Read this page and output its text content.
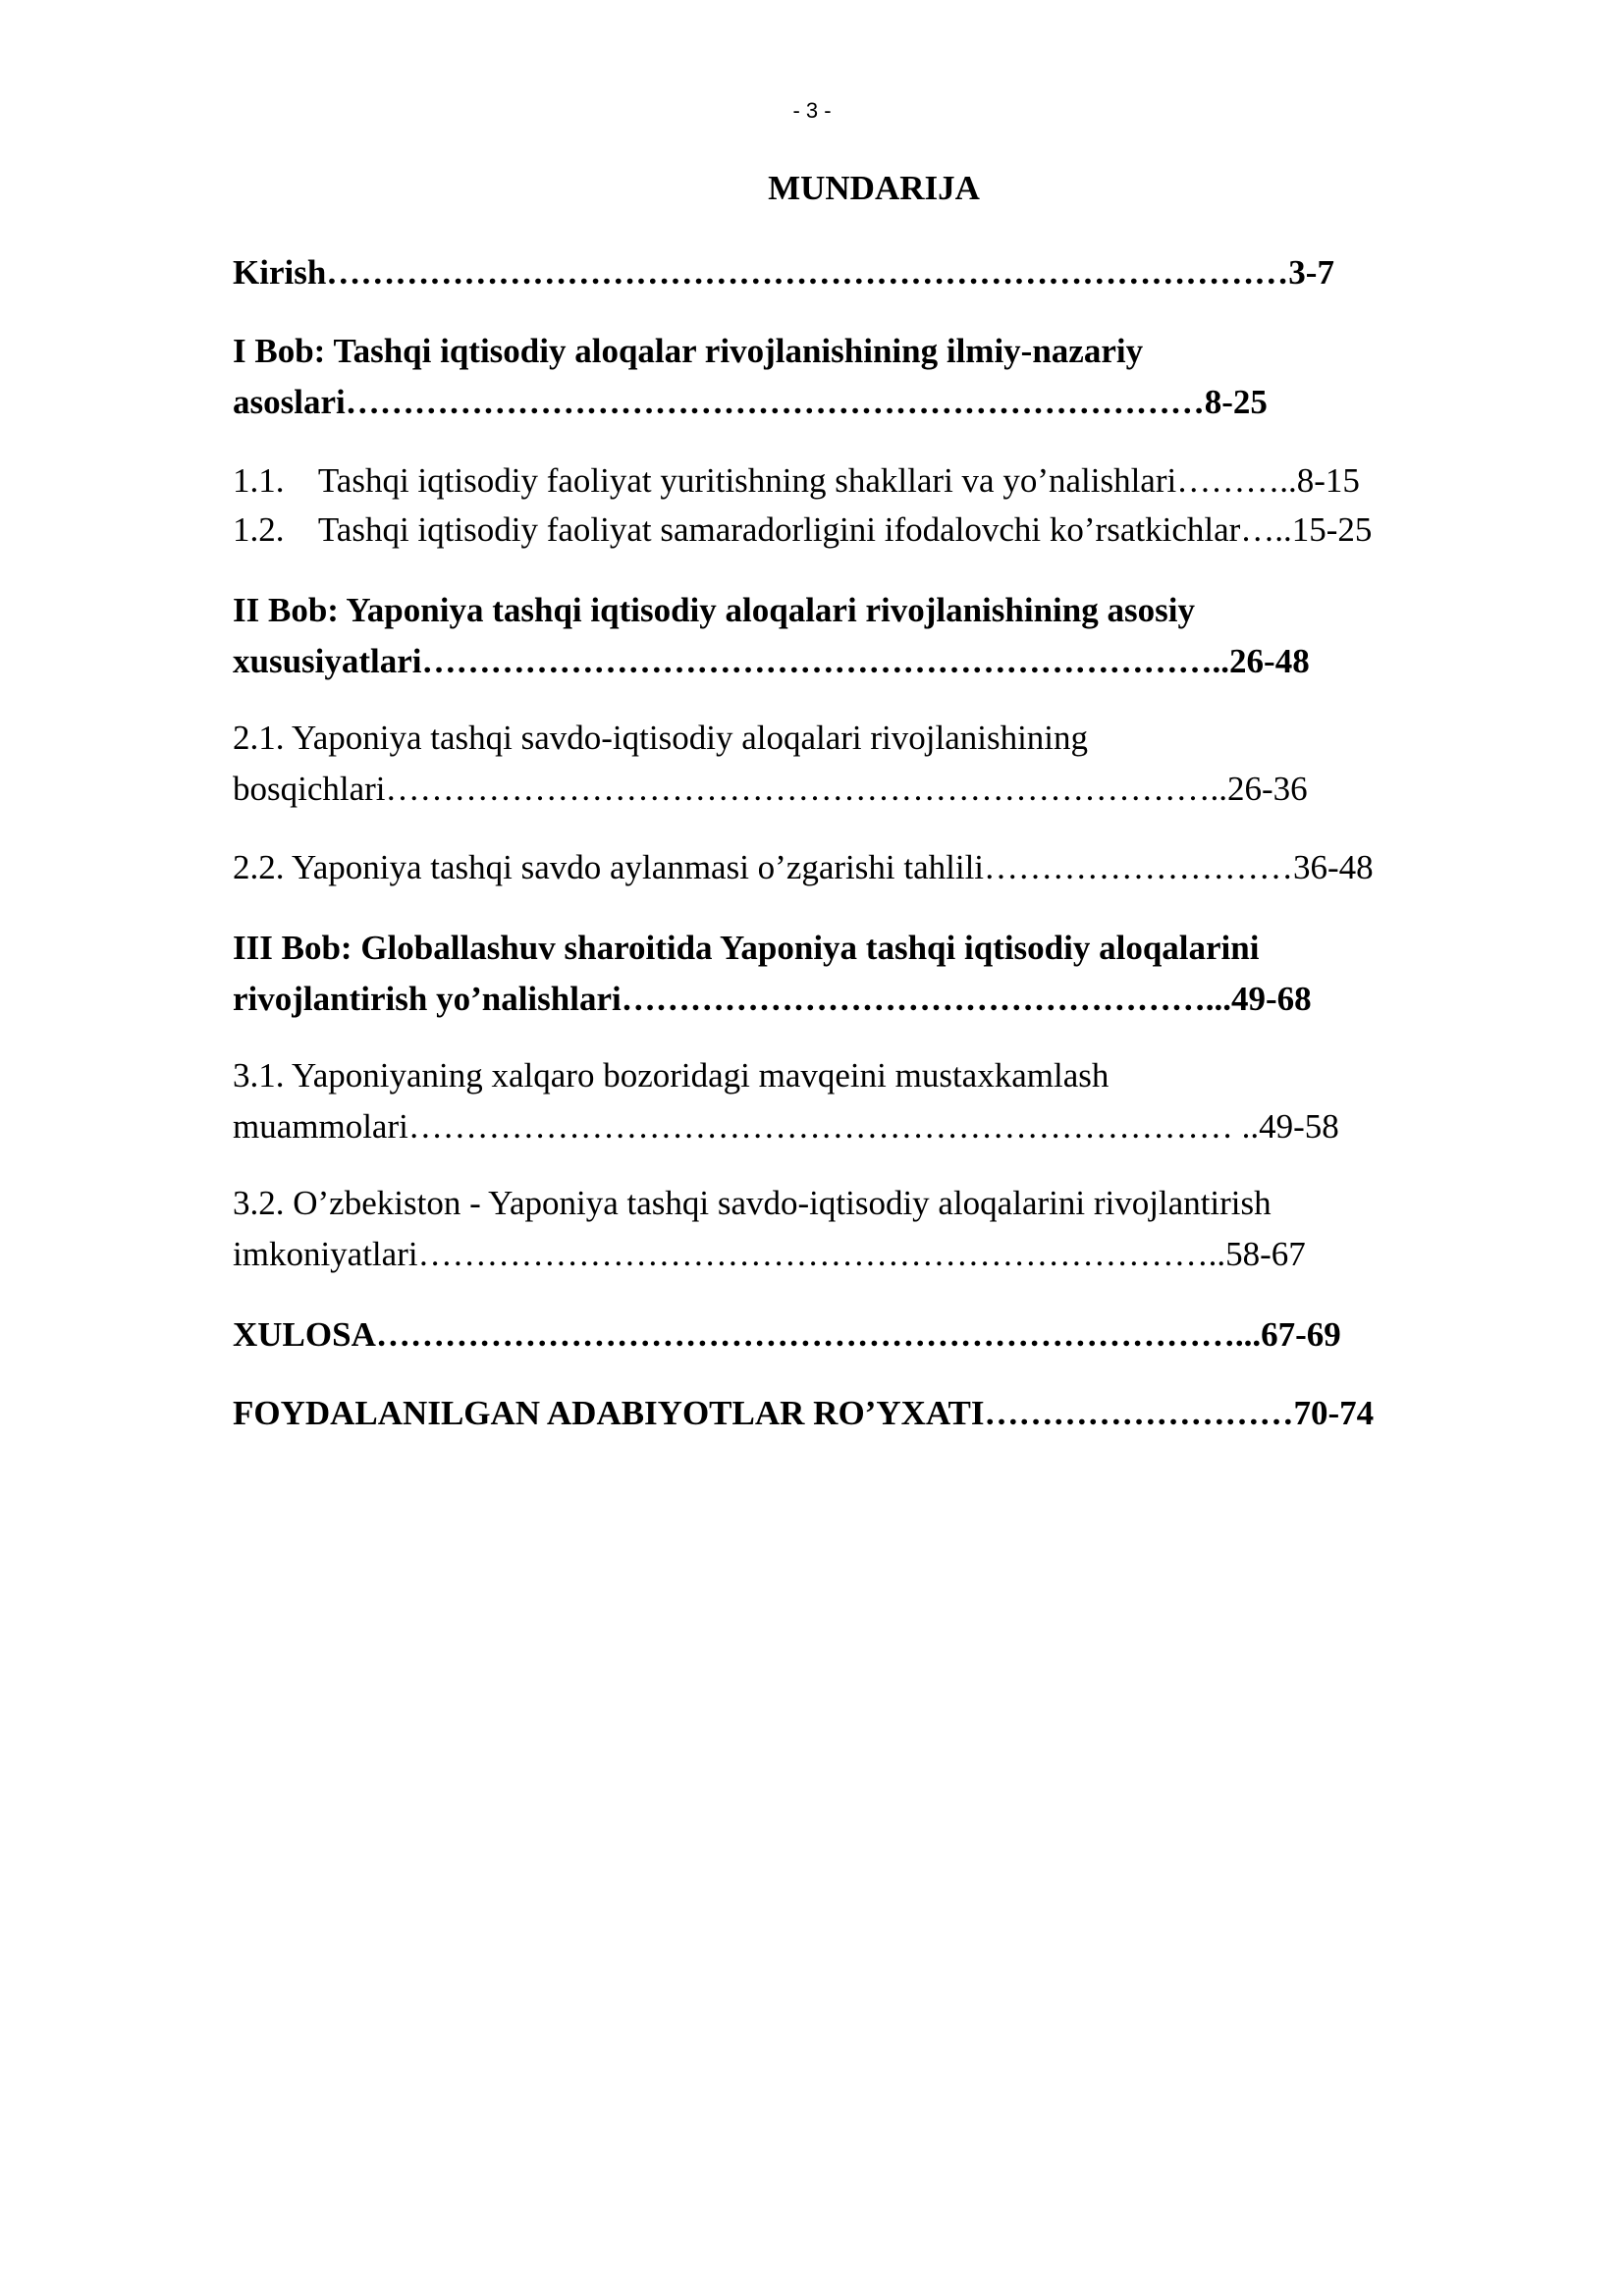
- 3 -
MUNDARIJA
Kirish…………………………………………………………………………3-7
I Bob: Tashqi iqtisodiy aloqalar rivojlanishining ilmiy-nazariy
asoslari…………………………………………………………………8-25
1.1.    Tashqi iqtisodiy faoliyat yuritishning shakllari va yo’nalishlari………..8-15
1.2.    Tashqi iqtisodiy faoliyat samaradorligini ifodalovchi ko’rsatkichlar…..15-25
II Bob: Yaponiya tashqi iqtisodiy aloqalari rivojlanishining asosiy
xususiyatlari……………………………………………………………..26-48
2.1. Yaponiya tashqi savdo-iqtisodiy aloqalari rivojlanishining
bosqichlari………………………………………………………………..26-36
2.2. Yaponiya tashqi savdo aylanmasi o’zgarishi tahlili………………………36-48
III Bob: Globallashuv sharoitida Yaponiya tashqi iqtisodiy aloqalarini
rivojlantirish yo’nalishlari……………………………………………...49-68
3.1. Yaponiyaning xalqaro bozoridagi mavqeini mustaxkamlash
muammolari……………………………………………………………… ..49-58
3.2. O’zbekiston - Yaponiya tashqi savdo-iqtisodiy aloqalarini rivojlantirish
imkoniyatlari……………………………………………………………..58-67
XULOSA…………………………………………………………………...67-69
FOYDALANILGAN ADABIYOTLAR RO’YXATI………………………70-74
